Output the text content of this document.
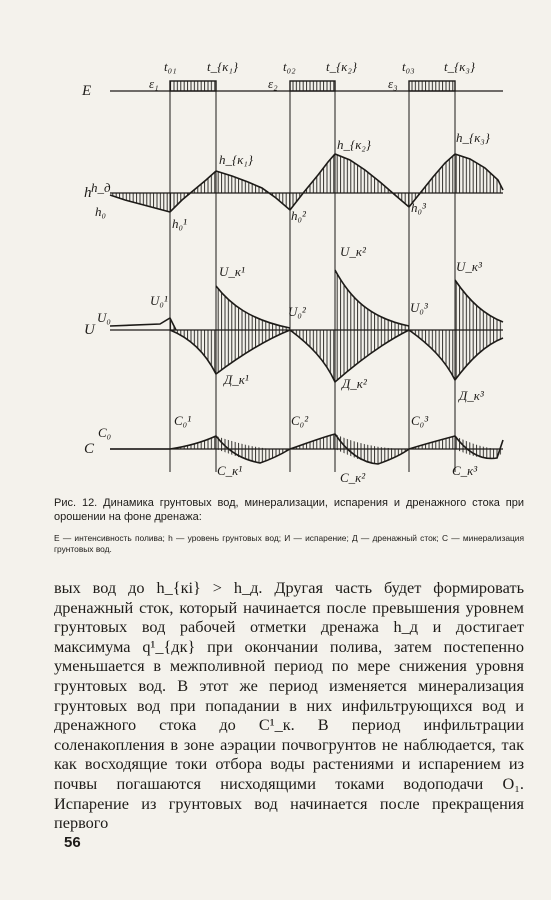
E
h
U
C
ε₁	ε₂	ε₃
t₀₁ t_{к₁}	t₀₂ t_{к₂}	t₀₃ t_{к₃}
h_д
h₀
h₀¹
h_{к₁}
h₀²
h_{к₂}
h₀³
h_{к₃}
U₀
U₀¹
U_к¹
U₀²
U_к²
U₀³
U_к³
Д_к¹	Д_к²
Д_к³
C₀
C₀¹
C_к¹
C₀²
C_к²
C₀³
C_к³

Рис. 12. Динамика грунтовых вод, минерализации, испарения и дренажного стока при орошении на фоне дренажа:

E — интенсивность полива; h — уровень грунтовых вод; И — испарение; Д — дренажный сток; C — минерализация грунтовых вод.

вых вод до h_{кi} > h_д. Другая часть будет формировать дренажный сток, который начинается после превышения уровнем грунтовых вод рабочей отметки дренажа h_д и достигает максимума q¹_{дк} при окончании полива, затем постепенно уменьшается в межполивной период по мере снижения уровня грунтовых вод. В этот же период изменяется минерализация грунтовых вод при попадании в них инфильтрующихся вод и дренажного стока до C¹_к. В период инфильтрации соленакопления в зоне аэрации почвогрунтов не наблюдается, так как восходящие токи отбора воды растениями и испарением из почвы погашаются нисходящими токами водоподачи O₁. Испарение из грунтовых вод начинается после прекращения первого

56
